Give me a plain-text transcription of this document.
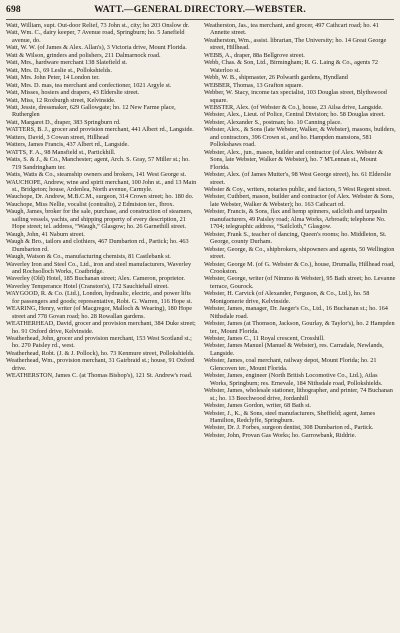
698	WATT.—GENERAL DIRECTORY.—WEBSTER.

Watt, William, supt. Out-door Relief, 73 John st., city; ho 203 Onslow dr.

Watt, Wm. C., dairy keeper, 7 Avenue road, Springburn; ho. 5 Janefield avenue, do.

Watt, W. W. (of James & Alex. Allan's), 3 Victoria drive, Mount Florida.

Watt & Wilson, grinders and polishers, 211 Dalmarnock road.

Watt, Mrs., hardware merchant 138 Slatefield st.

Watt, Mrs. D., 69 Leslie st., Pollokshields.

Watt, Mrs. John Peter, 14 London ter.

Watt, Mrs. D. mas, tea merchant and confectioner, 1021 Argyle st.

Watt, Misses, hosiers and drapers, 43 Elderslie street.

Watt, Miss, 12 Roxburgh street, Kelvinside.

Watt, Jessie, dressmaker, 629 Gallowgate; ho. 12 New Farme place, Rutherglen

Watt, Margaret D., draper, 383 Springburn rd.

WATTERS, B. J., grocer and provision merchant, 441 Albert rd., Langside.

Watters, David, 3 Cowan street, Hillhead

Watters, James Francis, 437 Albert rd., Langside.

WATTS, F. A., 98 Mansfield st., Partickhill.

Watts, S. & J., & Co., Manchester; agent, Arch. S. Gray, 57 Miller st.; ho. 719 Sandringham ter.

Watts, Watts & Co., steamship owners and brokers, 141 West George st.

WAUCHOPE, Andrew, wine and spirit merchant, 100 John st., and 13 Main st., Bridgeton; house, Ardenlea, North avenue, Carmyle.

Wauchope, Dr. Andrew, M.B.C.M., surgeon, 314 Crown street; ho. 180 do.

Wauchope, Miss Nellie, vocalist (contralto), 2 Edmiston ter., Ibrox.

Waugh, James, broker for the sale, purchase, and construction of steamers, sailing vessels, yachts, and shipping property of every description, 21 Hope street; tel. address, “Waugh,” Glasgow; ho. 26 Garnethill street.

Waugh, John, 41 Naburn street.

Waugh & Bro., tailors and clothiers, 467 Dumbarton rd., Partick; ho. 463 Dumbarton rd.

Waugh, Watson & Co., manufacturing chemists, 81 Castlebank st.

Waverley Iron and Steel Co., Ltd., iron and steel manufacturers, Waverley and Rochsolloch Works, Coatbridge.

Waverley (Old) Hotel, 185 Buchanan street; Alex. Cameron, proprietor.

Waverley Temperance Hotel (Cranston's), 172 Sauchiehall street.

WAYGOOD, R. & Co. (Ltd.), London, hydraulic, electric, and power lifts for passengers and goods; representative, Robt. G. Warren, 116 Hope st.

WEARING, Henry, writer (of Macgregor, Malloch & Wearing), 180 Hope street and 778 Govan road; ho. 28 Rowallan gardens.

WEATHERHEAD, David, grocer and provision merchant, 384 Duke street; ho. 91 Oxford drive, Kelvinside.

Weatherhead, John, grocer and provision merchant, 153 West Scotland st.; ho. 270 Paisley rd., west.

Weatherhead, Robt. (J. & J. Pollock), ho. 73 Kenmure street, Pollokshields.

Weatherhead, Wm., provision merchant, 31 Gairbraid st.; house, 91 Oxford drive.

WEATHERSTON, James C. (at Thomas Bishop's), 121 St. Andrew's road.

Weatherston, Jas., tea merchant, and grocer, 497 Cathcart road; ho. 41 Annette street.

Weatherston, Wm., assist. librarian, The University; ho. 14 Great George street, Hillhead.

WEBB, A., draper, 88a Bellgrove street.

Webb, Chas. & Son, Ltd., Birmingham; R. G. Laing & Co., agents 72 Waterloo st.

Webb, W. B., shipmaster, 26 Polwarth gardens, Hyndland

WEBBER, Thomas, 13 Grafton square.

Webber, W. Stacy, income tax specialist, 103 Douglas street, Blythswood square.

WEBSTER, Alex. (of Webster & Co.), house, 23 Ailsa drive, Langside.

Webster, Alex., Lieut. of Police, Central Division; ho. 58 Douglas street.

Webster, Alexander S., postman; ho. 10 Canning place.

Webster, Alex., & Sons (late Webster, Walker, & Webster), masons, builders, and contractors, 396 Crown st., and ho. Hampden mansions, 581 Pollokshaws road.

Webster, Alex., jun., mason, builder and contractor (of Alex. Webster & Sons, late Webster, Walker & Webster), ho. 7 M'Lennan st., Mount Florida.

Webster, Alex. (of James Mutter's, 98 West George street), ho. 61 Elderslie street.

Webster & Coy., writers, notaries public, and factors, 5 West Regent street.

Webster, Cuthbert, mason, builder and contractor (of Alex. Webster & Sons, late Webster, Walker & Webster); ho. 163 Cathcart rd.

Webster, Francis, & Sons, flax and hemp spinners, sailcloth and tarpaulin manufacturers, 49 Paisley road; Alma Works, Arbroath; telephone No. 1704; telegraphic address, “Sailcloth,” Glasgow.

Webster, Frank S., teacher of dancing, Queen's rooms; ho. Middleton, St. George, county Durham.

Webster, George, & Co., shipbrokers, shipowners and agents, 50 Wellington street.

Webster, George M. (of G. Webster & Co.), house, Drumalla, Hillhead road, Crookston.

Webster, George, writer (of Nimmo & Webster), 95 Bath street; ho. Levanne terrace, Gourock.

Webster, H. Carvick (of Alexander, Ferguson, & Co., Ltd.), ho. 58 Montgomerie drive, Kelvinside.

Webster, James, manager, Dr. Jaeger's Co., Ltd., 16 Buchanan st.; ho. 164 Nithsdale road.

Webster, James (at Thomson, Jackson, Gourlay, & Taylor's), ho. 2 Hampden ter., Mount Florida.

Webster, James C., 11 Royal crescent, Crosshill.

Webster, James Manuel (Manuel & Webster), res. Carradale, Newlands, Langside.

Webster, James, coal merchant, railway depot, Mount Florida; ho. 21 Glencoven ter., Mount Florida.

Webster, James, engineer (North British Locomotive Co., Ltd.), Atlas Works, Springburn; res. Ernevale, 184 Nithsdale road, Pollokshields.

Webster, James, wholesale stationer, lithographer, and printer, 74 Buchanan st.; ho. 13 Beechwood drive, Jordanhill

Webster, James Gordon, writer, 68 Bath st.

Webster, J., K., & Sons, steel manufacturers, Sheffield; agent, James Hamilton, Redclyffe, Springburn.

Webster, Dr. J. Forbes, surgeon dentist, 308 Dumbarton rd., Partick.

Webster, John, Provan Gas Works; ho. Garrowbank, Riddrie.
